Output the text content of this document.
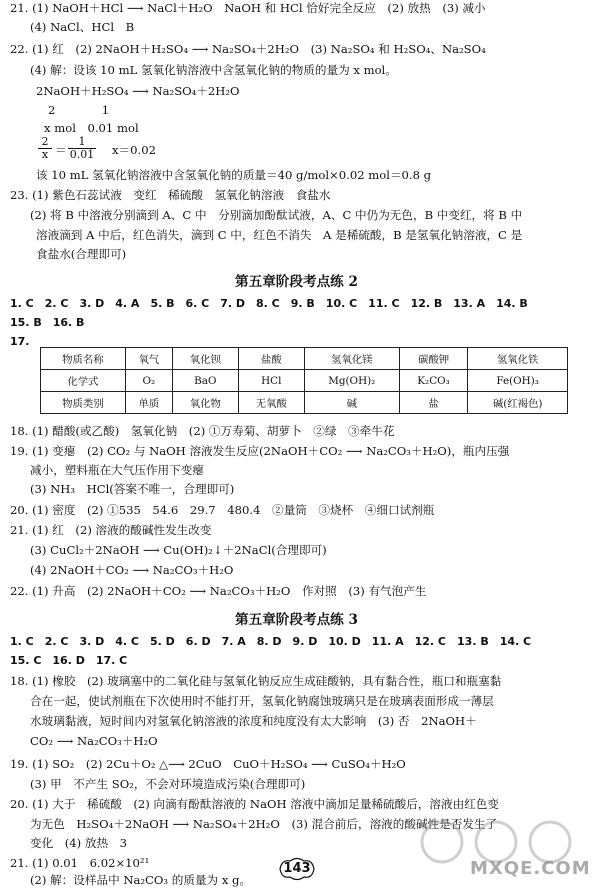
21. (1) NaOH＋HCl ⟶ NaCl＋H₂O　NaOH 和 HCl 恰好完全反应　(2) 放热　(3) 减小
(4) NaCl、HCl　B
22. (1) 红　(2) 2NaOH＋H₂SO₄ ⟶ Na₂SO₄＋2H₂O　(3) Na₂SO₄ 和 H₂SO₄、Na₂SO₄
(4) 解：设该 10 mL 氢氧化钠溶液中含氢氧化钠的物质的量为 x mol。
2NaOH＋H₂SO₄ ⟶ Na₂SO₄＋2H₂O
2　　　　1
x mol　0.01 mol
$\frac{2}{x} = \frac{1}{0.01} x=0.02$
该 10 mL 氢氧化钠溶液中含氢氧化钠的质量＝40 g/mol×0.02 mol＝0.8 g
23. (1) 紫色石蕊试液　变红　稀硫酸　氢氧化钠溶液　食盐水
(2) 将 B 中溶液分别滴到 A、C 中　分别滴加酚酞试液，A、C 中仍为无色，B 中变红，将 B 中
溶液滴到 A 中后，红色消失，滴到 C 中，红色不消失　A 是稀硫酸，B 是氢氧化钠溶液，C 是
食盐水(合理即可)
第五章阶段考点练 2
1. C　2. C　3. D　4. A　5. B　6. C　7. D　8. C　9. B　10. C　11. C　12. B　13. A　14. B
15. B　16. B
17.
物质名称	氧气	氧化钡	盐酸	氢氧化镁	碳酸钾	氢氧化铁
化学式	O₂	BaO	HCl	Mg(OH)₂	K₂CO₃	Fe(OH)₃
物质类别	单质	氧化物	无氧酸	碱	盐	碱(红褐色)
18. (1) 醋酸(或乙酸)　氢氧化钠　(2) ①万寿菊、胡萝卜　②绿　③牵牛花
19. (1) 变瘪　(2) CO₂ 与 NaOH 溶液发生反应(2NaOH＋CO₂ ⟶ Na₂CO₃＋H₂O)，瓶内压强
减小，塑料瓶在大气压作用下变瘪
(3) NH₃　HCl(答案不唯一，合理即可)
20. (1) 密度　(2) ①535　54.6　29.7　480.4　②量筒　③烧杯　④细口试剂瓶
21. (1) 红　(2) 溶液的酸碱性发生改变
(3) CuCl₂＋2NaOH ⟶ Cu(OH)₂↓＋2NaCl(合理即可)
(4) 2NaOH＋CO₂ ⟶ Na₂CO₃＋H₂O
22. (1) 升高　(2) 2NaOH＋CO₂ ⟶ Na₂CO₃＋H₂O　作对照　(3) 有气泡产生
第五章阶段考点练 3
1. C　2. C　3. D　4. C　5. D　6. D　7. A　8. D　9. D　10. D　11. A　12. C　13. B　14. C
15. C　16. D　17. C
18. (1) 橡胶　(2) 玻璃塞中的二氧化硅与氢氧化钠反应生成硅酸钠，具有黏合性，瓶口和瓶塞黏
合在一起，使试剂瓶在下次使用时不能打开，氢氧化钠腐蚀玻璃只是在玻璃表面形成一薄层
水玻璃黏液，短时间内对氢氧化钠溶液的浓度和纯度没有太大影响　(3) 否　2NaOH＋
CO₂ ⟶ Na₂CO₃＋H₂O
19. (1) SO₂　(2) 2Cu＋O₂ △⟶ 2CuO　CuO＋H₂SO₄ ⟶ CuSO₄＋H₂O
(3) 甲　不产生 SO₂，不会对环境造成污染(合理即可)
20. (1) 大于　稀硫酸　(2) 向滴有酚酞溶液的 NaOH 溶液中滴加足量稀硫酸后，溶液由红色变
为无色　H₂SO₄＋2NaOH ⟶ Na₂SO₄＋2H₂O　(3) 混合前后，溶液的酸碱性是否发生了
变化　(4) 放热　3
21. (1) 0.01　6.02×10²¹
(2) 解：设样品中 Na₂CO₃ 的质量为 x g。
143	MXQE.COM
